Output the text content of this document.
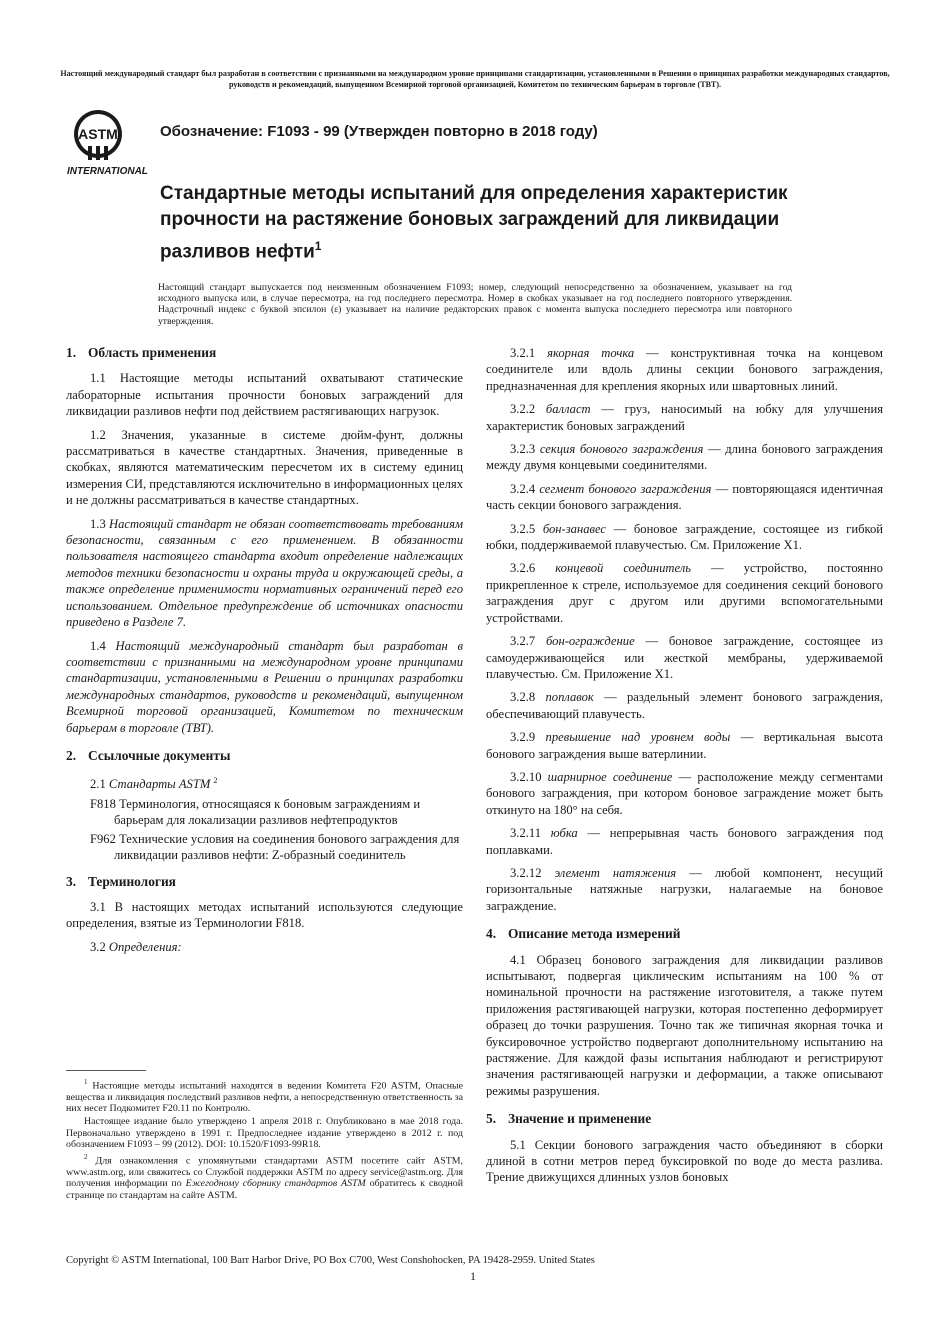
Настоящий международный стандарт был разработан в соответствии с признанными на международном уровне принципами стандартизации, установленными в Решении о принципах разработки международных стандартов, руководств и рекомендаций, выпущенном Всемирной торговой организацией, Комитетом по техническим барьерам в торговле (ТВТ).
ASTM
INTERNATIONAL
Обозначение: F1093 - 99 (Утвержден повторно в 2018 году)
Стандартные методы испытаний для определения характеристик прочности на растяжение боновых заграждений для ликвидации разливов нефти$^1$
Настоящий стандарт выпускается под неизменным обозначением F1093; номер, следующий непосредственно за обозначением, указывает на год исходного выпуска или, в случае пересмотра, на год последнего пересмотра. Номер в скобках указывает на год последнего повторного утверждения. Надстрочный индекс с буквой эпсилон (ε) указывает на наличие редакторских правок с момента выпуска последнего пересмотра или повторного утверждения.
1. Область применения

1.1 Настоящие методы испытаний охватывают статические лабораторные испытания прочности боновых заграждений для ликвидации разливов нефти под действием растягивающих нагрузок.

1.2 Значения, указанные в системе дюйм-фунт, должны рассматриваться в качестве стандартных. Значения, приведенные в скобках, являются математическим пересчетом их в систему единиц измерения СИ, представляются исключительно в информационных целях и не должны рассматриваться в качестве стандартных.

1.3 Настоящий стандарт не обязан соответствовать требованиям безопасности, связанным с его применением. В обязанности пользователя настоящего стандарта входит определение надлежащих методов техники безопасности и охраны труда и окружающей среды, а также определение применимости нормативных ограничений перед его использованием. Отдельное предупреждение об источниках опасности приведено в Разделе 7.

1.4 Настоящий международный стандарт был разработан в соответствии с признанными на международном уровне принципами стандартизации, установленными в Решении о принципах разработки международных стандартов, руководств и рекомендаций, выпущенном Всемирной торговой организацией, Комитетом по техническим барьерам в торговле (ТВТ).

2. Ссылочные документы

2.1 Стандарты ASTM $^2$

F818 Терминология, относящаяся к боновым заграждениям и барьерам для локализации разливов нефтепродуктов
F962 Технические условия на соединения бонового заграждения для ликвидации разливов нефти: Z-образный соединитель
3. Терминология

3.1 В настоящих методах испытаний используются следующие определения, взятые из Терминологии F818.

3.2 Определения:

$^1$ Настоящие методы испытаний находятся в ведении Комитета F20 ASTM, Опасные вещества и ликвидация последствий разливов нефти, а непосредственную ответственность за них несет Подкомитет F20.11 по Контролю.

Настоящее издание было утверждено 1 апреля 2018 г. Опубликовано в мае 2018 года. Первоначально утверждено в 1991 г. Предпоследнее издание утверждено в 2012 г. под обозначением F1093 – 99 (2012). DOI: 10.1520/F1093-99R18.

$^2$ Для ознакомления с упомянутыми стандартами ASTM посетите сайт ASTM, www.astm.org, или свяжитесь со Службой поддержки ASTM по адресу service@astm.org. Для получения информации по Ежегодному сборнику стандартов ASTM обратитесь к сводной странице по стандартам на сайте ASTM.

3.2.1 якорная точка — конструктивная точка на концевом соединителе или вдоль длины секции бонового заграждения, предназначенная для крепления якорных или швартовных линий.

3.2.2 балласт — груз, наносимый на юбку для улучшения характеристик боновых заграждений

3.2.3 секция бонового заграждения — длина бонового заграждения между двумя концевыми соединителями.

3.2.4 сегмент бонового заграждения — повторяющаяся идентичная часть секции бонового заграждения.

3.2.5 бон-занавес — боновое заграждение, состоящее из гибкой юбки, поддерживаемой плавучестью. См. Приложение X1.

3.2.6 концевой соединитель — устройство, постоянно прикрепленное к стреле, используемое для соединения секций бонового заграждения друг с другом или другими вспомогательными устройствами.

3.2.7 бон-ограждение — боновое заграждение, состоящее из самоудерживающейся или жесткой мембраны, удерживаемой плавучестью. См. Приложение X1.

3.2.8 поплавок — раздельный элемент бонового заграждения, обеспечивающий плавучесть.

3.2.9 превышение над уровнем воды — вертикальная высота бонового заграждения выше ватерлинии.

3.2.10 шарнирное соединение — расположение между сегментами бонового заграждения, при котором боновое заграждение может быть откинуто на 180° на себя.

3.2.11 юбка — непрерывная часть бонового заграждения под поплавками.

3.2.12 элемент натяжения — любой компонент, несущий горизонтальные натяжные нагрузки, налагаемые на боновое заграждение.

4. Описание метода измерений

4.1 Образец бонового заграждения для ликвидации разливов испытывают, подвергая циклическим испытаниям на 100 % от номинальной прочности на растяжение изготовителя, а также путем приложения растягивающей нагрузки, которая постепенно деформирует образец до точки разрушения. Точно так же типичная якорная точка и буксировочное устройство подвергают дополнительному испытанию на растяжение. Для каждой фазы испытания наблюдают и регистрируют значения растягивающей нагрузки и деформации, а также описывают режимы разрушения.

5. Значение и применение

5.1 Секции бонового заграждения часто объединяют в сборки длиной в сотни метров перед буксировкой по воде до места разлива. Трение движущихся длинных узлов боновых

Copyright © ASTM International, 100 Barr Harbor Drive, PO Box C700, West Conshohocken, PA 19428-2959. United States
1
